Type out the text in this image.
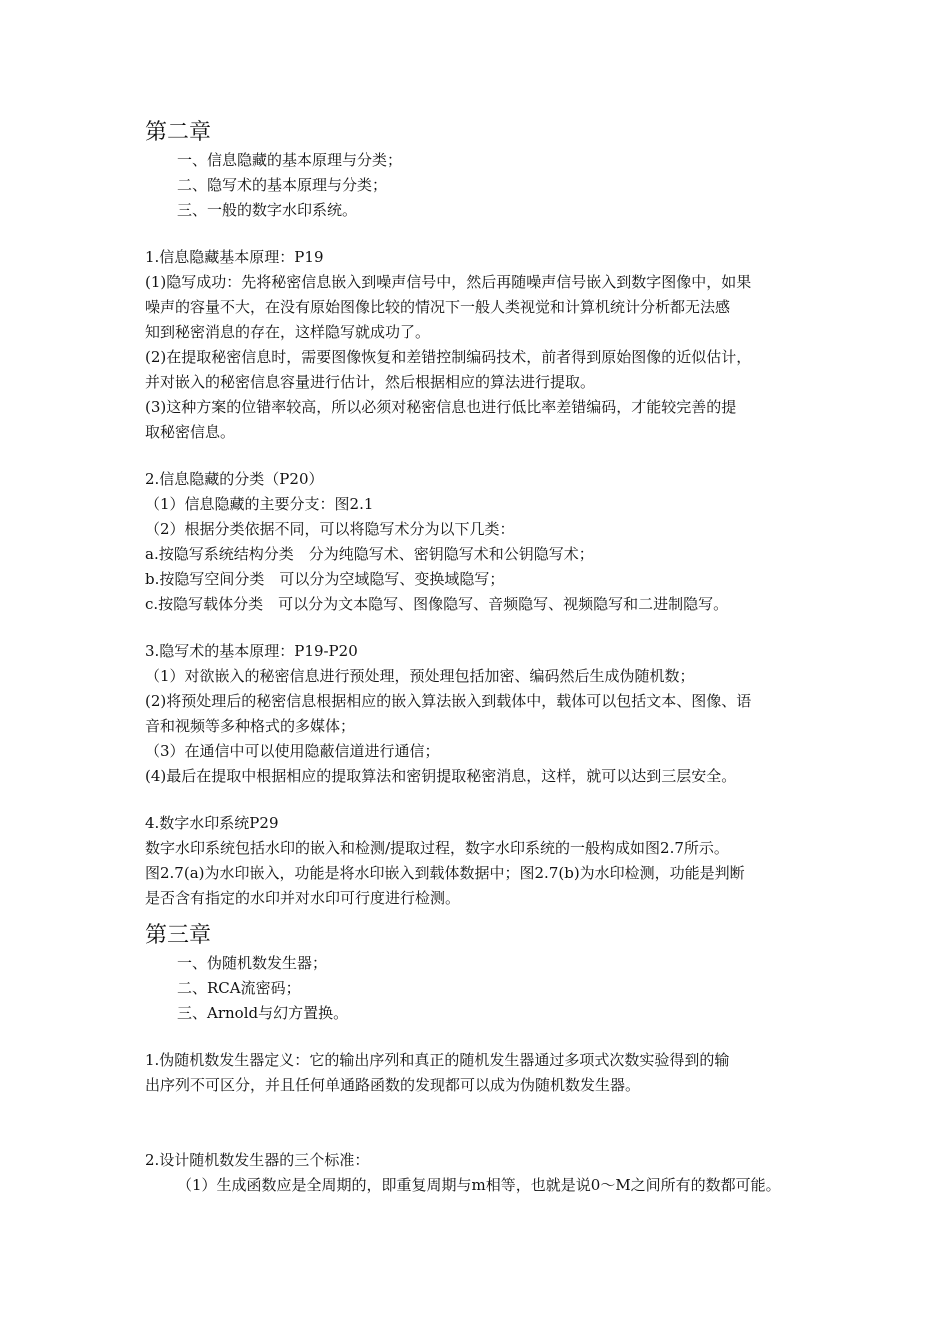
第二章
一、信息隐藏的基本原理与分类；
二、隐写术的基本原理与分类；
三、一般的数字水印系统。
1.信息隐藏基本原理：P19
(1)隐写成功：先将秘密信息嵌入到噪声信号中，然后再随噪声信号嵌入到数字图像中，如果
噪声的容量不大，在没有原始图像比较的情况下一般人类视觉和计算机统计分析都无法感
知到秘密消息的存在，这样隐写就成功了。
(2)在提取秘密信息时，需要图像恢复和差错控制编码技术，前者得到原始图像的近似估计，
并对嵌入的秘密信息容量进行估计，然后根据相应的算法进行提取。
(3)这种方案的位错率较高，所以必须对秘密信息也进行低比率差错编码，才能较完善的提
取秘密信息。
2.信息隐藏的分类（P20）
（1）信息隐藏的主要分支：图2.1
（2）根据分类依据不同，可以将隐写术分为以下几类：
a.按隐写系统结构分类　分为纯隐写术、密钥隐写术和公钥隐写术；
b.按隐写空间分类　可以分为空域隐写、变换域隐写；
c.按隐写载体分类　可以分为文本隐写、图像隐写、音频隐写、视频隐写和二进制隐写。
3.隐写术的基本原理：P19-P20
（1）对欲嵌入的秘密信息进行预处理，预处理包括加密、编码然后生成伪随机数；
(2)将预处理后的秘密信息根据相应的嵌入算法嵌入到载体中，载体可以包括文本、图像、语
音和视频等多种格式的多媒体；
（3）在通信中可以使用隐蔽信道进行通信；
(4)最后在提取中根据相应的提取算法和密钥提取秘密消息，这样，就可以达到三层安全。
4.数字水印系统P29
数字水印系统包括水印的嵌入和检测/提取过程，数字水印系统的一般构成如图2.7所示。
图2.7(a)为水印嵌入，功能是将水印嵌入到载体数据中；图2.7(b)为水印检测，功能是判断
是否含有指定的水印并对水印可行度进行检测。
第三章
一、伪随机数发生器；
二、RCA流密码；
三、Arnold与幻方置换。
1.伪随机数发生器定义：它的输出序列和真正的随机发生器通过多项式次数实验得到的输
出序列不可区分，并且任何单通路函数的发现都可以成为伪随机数发生器。
2.设计随机数发生器的三个标准：
（1）生成函数应是全周期的，即重复周期与m相等，也就是说0～M之间所有的数都可能。
